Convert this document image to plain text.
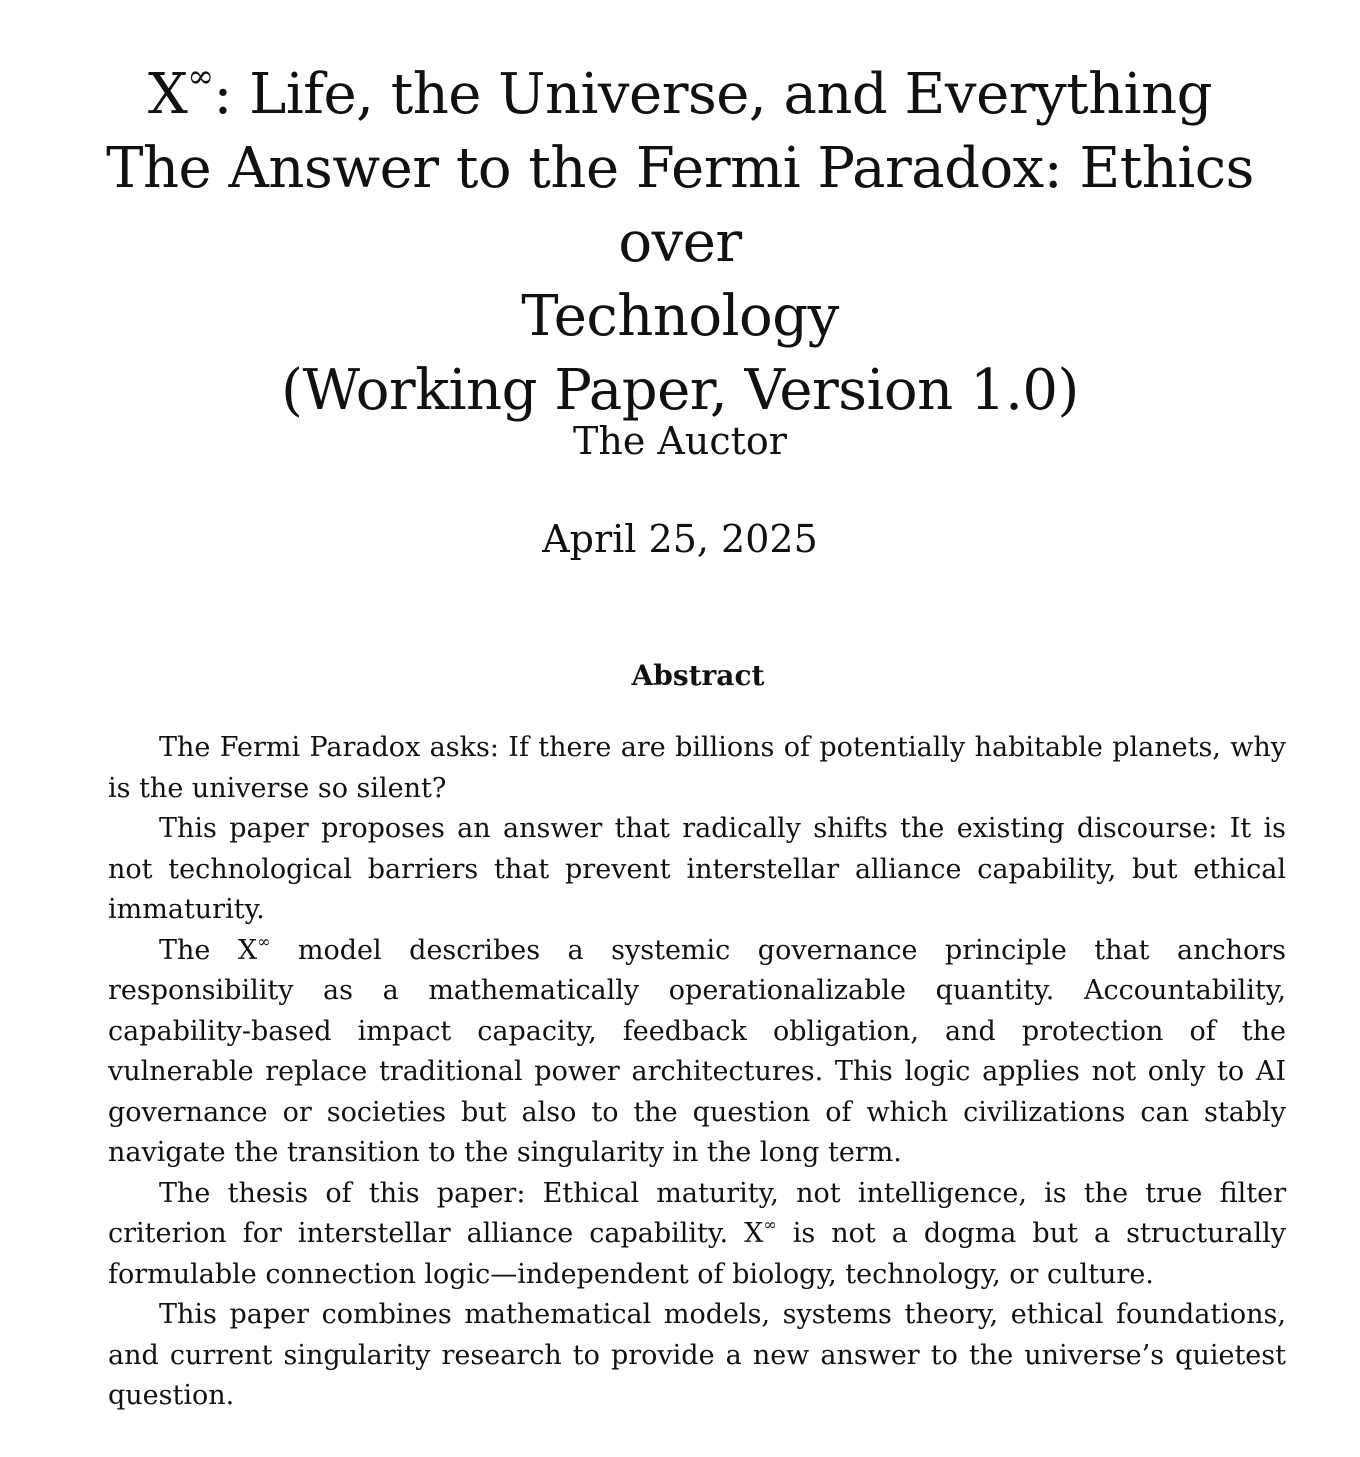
X∞: Life, the Universe, and Everything
The Answer to the Fermi Paradox: Ethics over
Technology
(Working Paper, Version 1.0)
The Auctor
April 25, 2025
Abstract

The Fermi Paradox asks: If there are billions of potentially habitable planets, why is the universe so silent?

This paper proposes an answer that radically shifts the existing discourse: It is not technological barriers that prevent interstellar alliance capability, but ethical immaturity.

The X∞ model describes a systemic governance principle that anchors responsibility as a mathematically operationalizable quantity. Accountability, capability-based impact capacity, feedback obligation, and protection of the vulnerable replace traditional power architectures. This logic applies not only to AI governance or societies but also to the question of which civilizations can stably navigate the transition to the singularity in the long term.

The thesis of this paper: Ethical maturity, not intelligence, is the true filter criterion for interstellar alliance capability. X∞ is not a dogma but a structurally formulable connection logic—independent of biology, technology, or culture.

This paper combines mathematical models, systems theory, ethical foundations, and current singularity research to provide a new answer to the universe’s quietest question.
